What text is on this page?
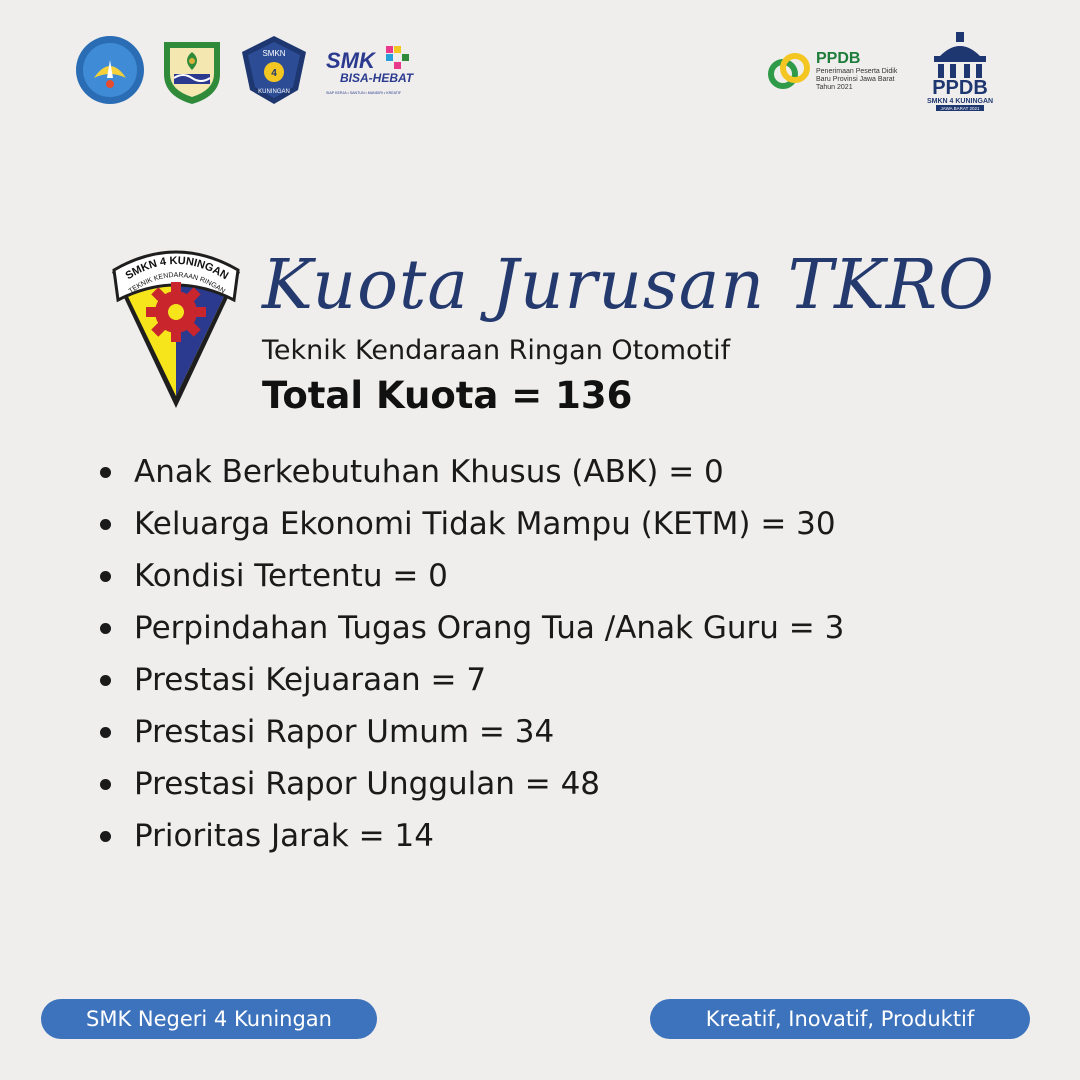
SMKN
4
KUNINGAN
SMK
BISA-HEBAT
SIAP KERJA • SANTUN • MANDIRI • KREATIF
PPDB
Penerimaan Peserta Didik Baru Provinsi Jawa Barat Tahun 2021	PPDB
SMKN 4 KUNINGAN
JAWA BARAT 2021
SMKN 4 KUNINGAN
TEKNIK KENDARAAN RINGAN Kuota Jurusan TKRO
Teknik Kendaraan Ringan Otomotif
Total Kuota = 136
Anak Berkebutuhan Khusus (ABK) = 0
Keluarga Ekonomi Tidak Mampu (KETM) = 30
Kondisi Tertentu = 0
Perpindahan Tugas Orang Tua /Anak Guru = 3
Prestasi Kejuaraan = 7
Prestasi Rapor Umum = 34
Prestasi Rapor Unggulan = 48
Prioritas Jarak = 14
SMK Negeri 4 Kuningan	Kreatif, Inovatif, Produktif
